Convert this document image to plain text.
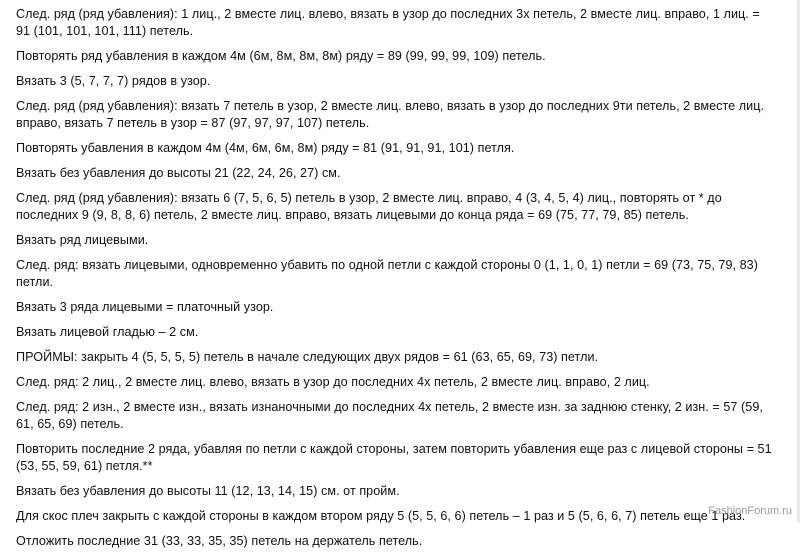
След. ряд (ряд убавления): 1 лиц., 2 вместе лиц. влево, вязать в узор до последних 3х петель, 2 вместе лиц. вправо, 1 лиц. = 91 (101, 101, 101, 111) петель.

Повторять ряд убавления в каждом 4м (6м, 8м, 8м, 8м) ряду = 89 (99, 99, 99, 109) петель.

Вязать 3 (5, 7, 7, 7) рядов в узор.

След. ряд (ряд убавления): вязать 7 петель в узор, 2 вместе лиц. влево, вязать в узор до последних 9ти петель, 2 вместе лиц. вправо, вязать 7 петель в узор = 87 (97, 97, 97, 107) петель.

Повторять убавления в каждом 4м (4м, 6м, 6м, 8м) ряду = 81 (91, 91, 91, 101) петля.

Вязать без убавления до высоты 21 (22, 24, 26, 27) см.

След. ряд (ряд убавления): вязать 6 (7, 5, 6, 5) петель в узор, 2 вместе лиц. вправо, 4 (3, 4, 5, 4) лиц., повторять от * до последних 9 (9, 8, 8, 6) петель, 2 вместе лиц. вправо, вязать лицевыми до конца ряда = 69 (75, 77, 79, 85) петель.

Вязать ряд лицевыми.

След. ряд: вязать лицевыми, одновременно убавить по одной петли с каждой стороны 0 (1, 1, 0, 1) петли = 69 (73, 75, 79, 83) петли.

Вязать 3 ряда лицевыми = платочный узор.

Вязать лицевой гладью – 2 см.

ПРОЙМЫ: закрыть 4 (5, 5, 5, 5) петель в начале следующих двух рядов = 61 (63, 65, 69, 73) петли.

След. ряд: 2 лиц., 2 вместе лиц. влево, вязать в узор до последних 4х петель, 2 вместе лиц. вправо, 2 лиц.

След. ряд: 2 изн., 2 вместе изн., вязать изнаночными до последних 4х петель, 2 вместе изн. за заднюю стенку, 2 изн. = 57 (59, 61, 65, 69) петель.

Повторить последние 2 ряда, убавляя по петли с каждой стороны, затем повторить убавления еще раз с лицевой стороны = 51 (53, 55, 59, 61) петля.**

Вязать без убавления до высоты 11 (12, 13, 14, 15) см. от пройм.

Для скос плеч закрыть с каждой стороны в каждом втором ряду 5 (5, 5, 6, 6) петель – 1 раз и 5 (5, 6, 6, 7) петель еще 1 раз.

Отложить последние 31 (33, 33, 35, 35) петель на держатель петель.

FashionForum.ru
